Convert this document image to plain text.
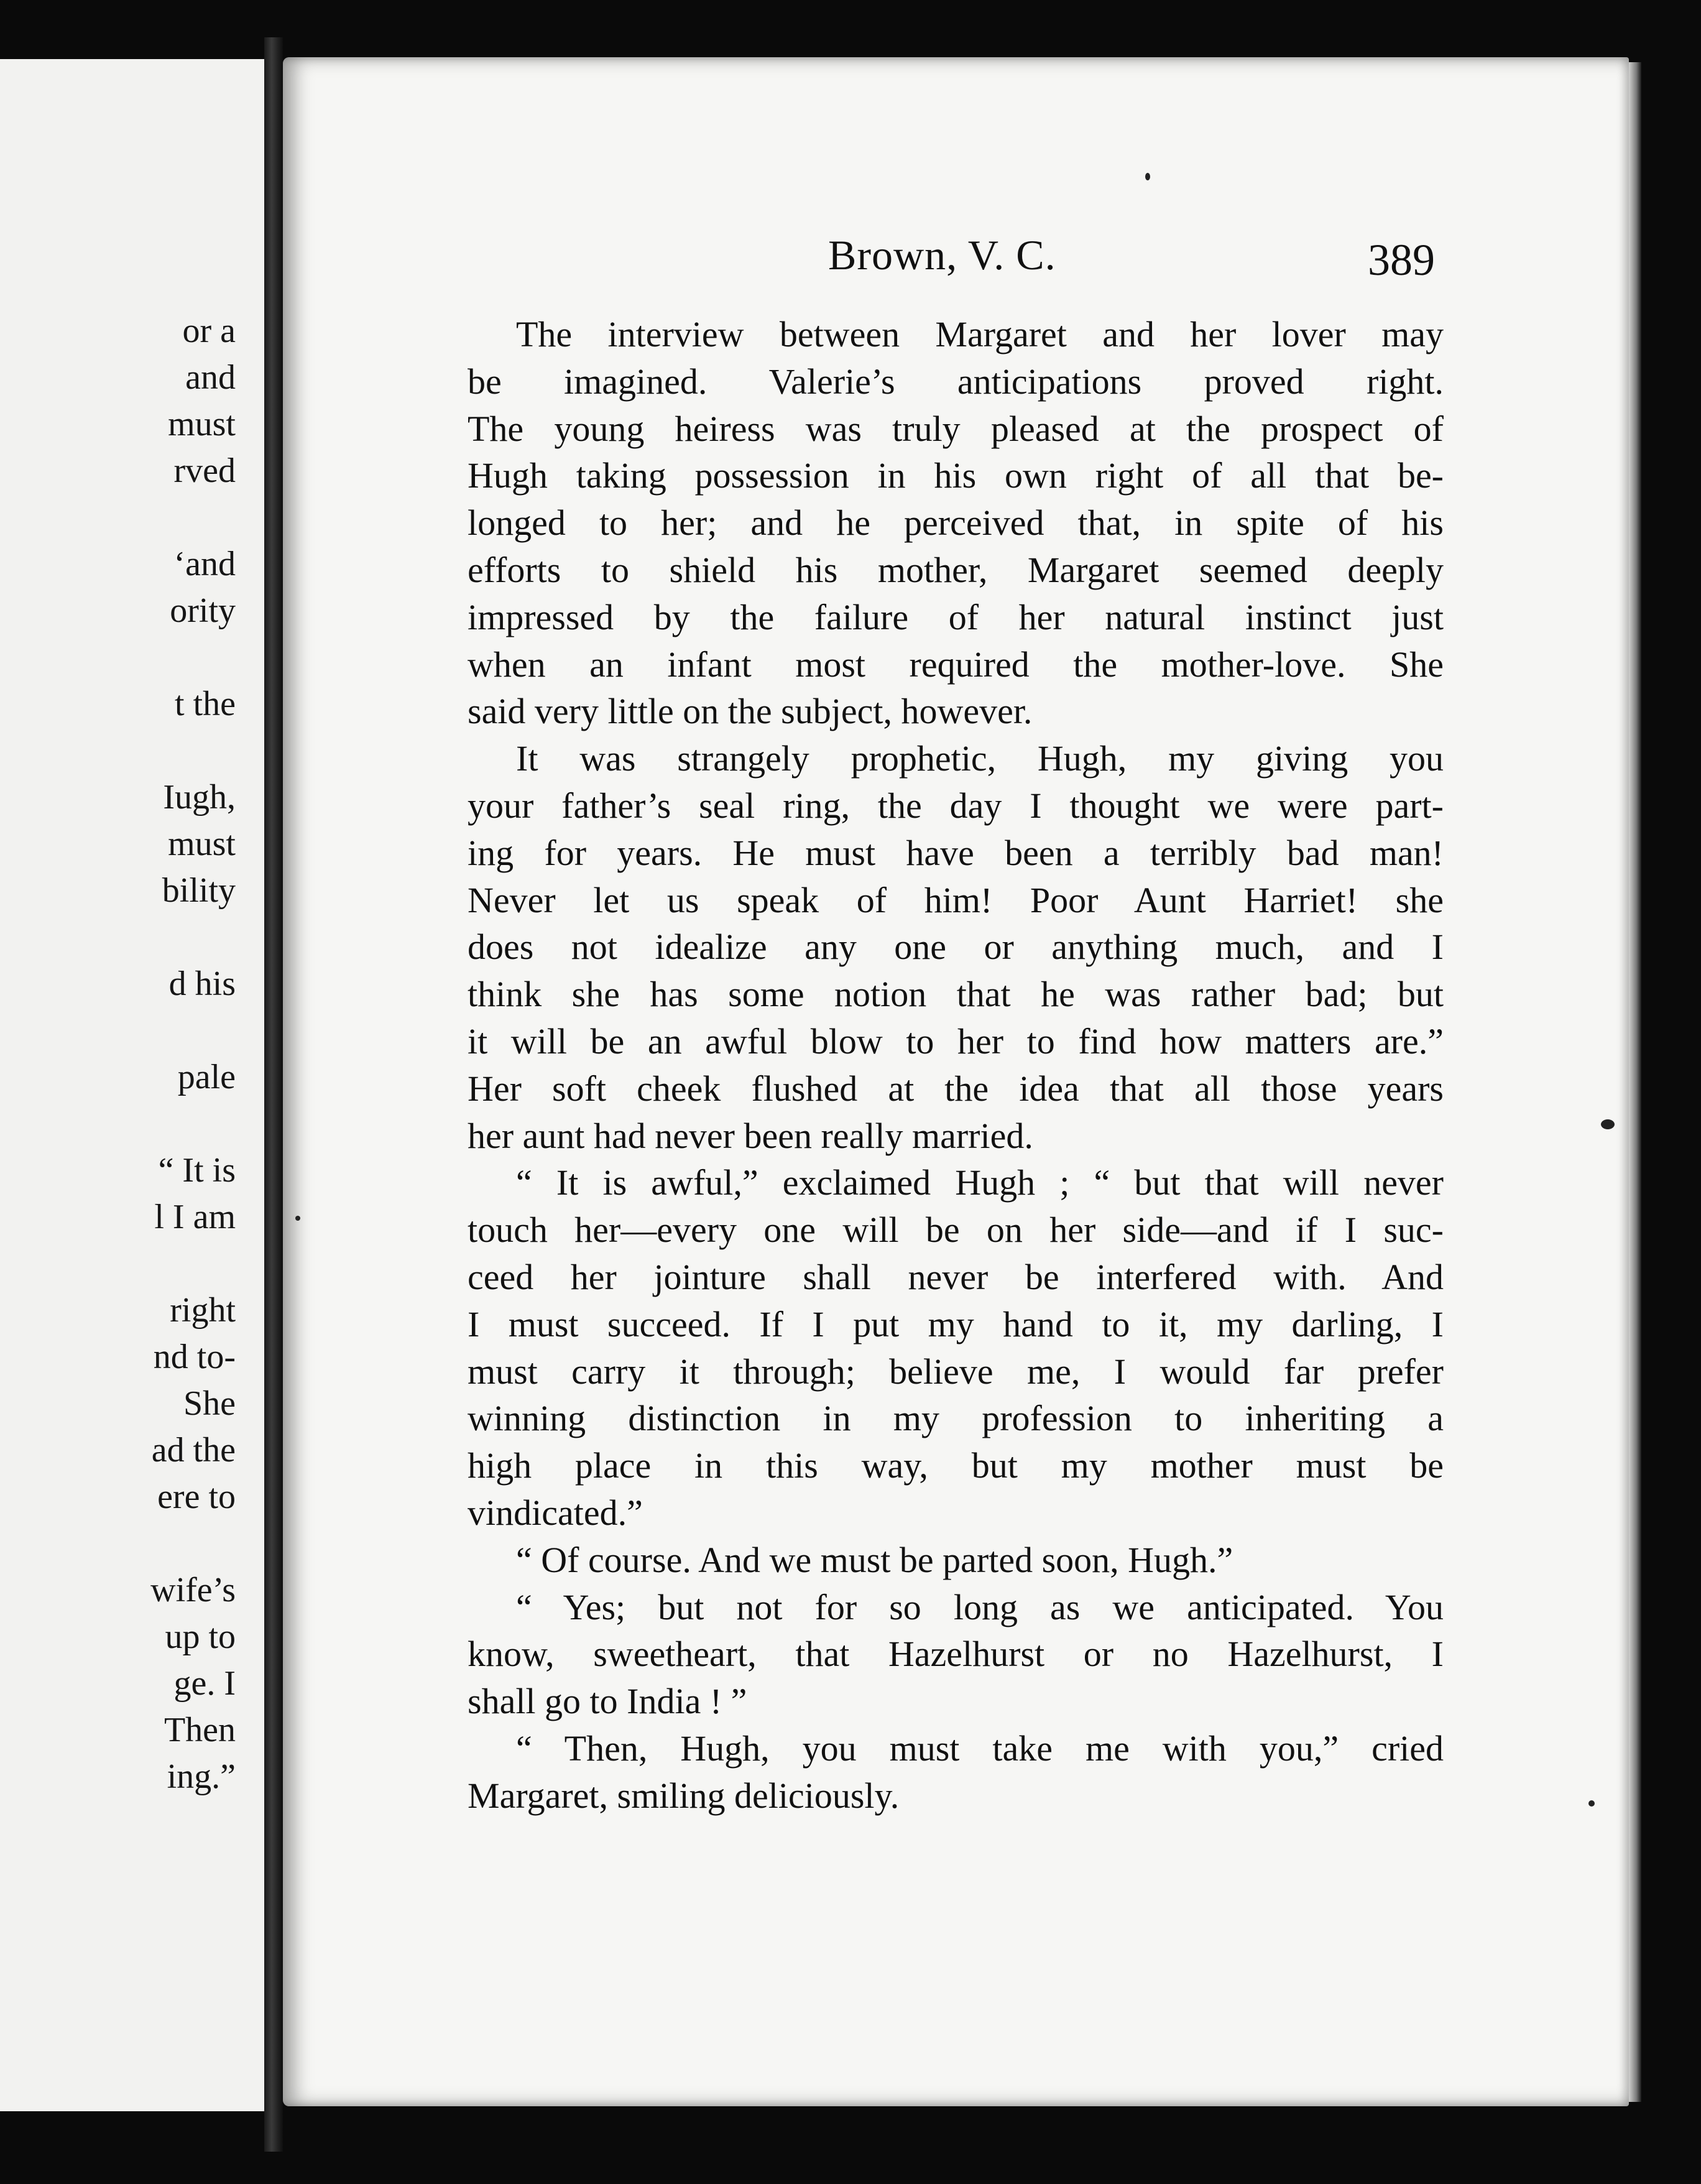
or a
and
must
rved
‘and
ority
t the
Iugh,
must
bility
d his
pale
“ It is
l I am
right
nd to-
She
ad the
ere to
wife’s
up to
ge. I
Then
ing.”
Brown, V. C.	389
The interview between Margaret and her lover may
be imagined. Valerie’s anticipations proved right.
The young heiress was truly pleased at the prospect of
Hugh taking possession in his own right of all that be-
longed to her; and he perceived that, in spite of his
efforts to shield his mother, Margaret seemed deeply
impressed by the failure of her natural instinct just
when an infant most required the mother-love. She
said very little on the subject, however.
It was strangely prophetic, Hugh, my giving you
your father’s seal ring, the day I thought we were part-
ing for years. He must have been a terribly bad man!
Never let us speak of him! Poor Aunt Harriet! she
does not idealize any one or anything much, and I
think she has some notion that he was rather bad; but
it will be an awful blow to her to find how matters are.”
Her soft cheek flushed at the idea that all those years
her aunt had never been really married.
“ It is awful,” exclaimed Hugh ; “ but that will never
touch her—every one will be on her side—and if I suc-
ceed her jointure shall never be interfered with. And
I must succeed. If I put my hand to it, my darling, I
must carry it through; believe me, I would far prefer
winning distinction in my profession to inheriting a
high place in this way, but my mother must be
vindicated.”
“ Of course. And we must be parted soon, Hugh.”
“ Yes; but not for so long as we anticipated. You
know, sweetheart, that Hazelhurst or no Hazelhurst, I
shall go to India ! ”
“ Then, Hugh, you must take me with you,” cried
Margaret, smiling deliciously.
